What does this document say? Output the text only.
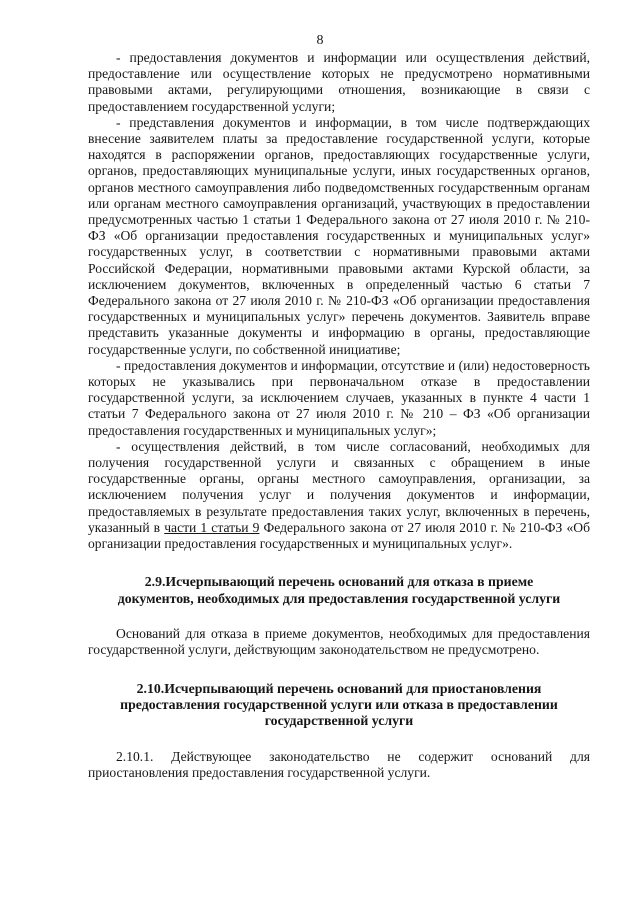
8

- предоставления документов и информации или осуществления действий, предоставление или осуществление которых не предусмотрено нормативными правовыми актами, регулирующими отношения, возникающие в связи с предоставлением государственной услуги;

- представления документов и информации, в том числе подтверждающих внесение заявителем платы за предоставление государственной услуги, которые находятся в распоряжении органов, предоставляющих государственные услуги, органов, предоставляющих муниципальные услуги, иных государственных органов, органов местного самоуправления либо подведомственных государственным органам или органам местного самоуправления организаций, участвующих в предоставлении предусмотренных частью 1 статьи 1 Федерального закона от 27 июля 2010 г. № 210-ФЗ «Об организации предоставления государственных и муниципальных услуг» государственных услуг, в соответствии с нормативными правовыми актами Российской Федерации, нормативными правовыми актами Курской области, за исключением документов, включенных в определенный частью 6 статьи 7 Федерального закона от 27 июля 2010 г. № 210-ФЗ «Об организации предоставления государственных и муниципальных услуг» перечень документов. Заявитель вправе представить указанные документы и информацию в органы, предоставляющие государственные услуги, по собственной инициативе;

- предоставления документов и информации, отсутствие и (или) недостоверность которых не указывались при первоначальном отказе в предоставлении государственной услуги, за исключением случаев, указанных в пункте 4 части 1 статьи 7 Федерального закона от 27 июля 2010 г. № 210 – ФЗ «Об организации предоставления государственных и муниципальных услуг»;

- осуществления действий, в том числе согласований, необходимых для получения государственной услуги и связанных с обращением в иные государственные органы, органы местного самоуправления, организации, за исключением получения услуг и получения документов и информации, предоставляемых в результате предоставления таких услуг, включенных в перечень, указанный в части 1 статьи 9 Федерального закона от 27 июля 2010 г. № 210-ФЗ «Об организации предоставления государственных и муниципальных услуг».

2.9.Исчерпывающий перечень оснований для отказа в приеме
документов, необходимых для предоставления государственной услуги

Оснований для отказа в приеме документов, необходимых для предоставления государственной услуги, действующим законодательством не предусмотрено.

2.10.Исчерпывающий перечень оснований для приостановления
предоставления государственной услуги или отказа в предоставлении
государственной услуги

2.10.1. Действующее законодательство не содержит оснований для приостановления предоставления государственной услуги.
